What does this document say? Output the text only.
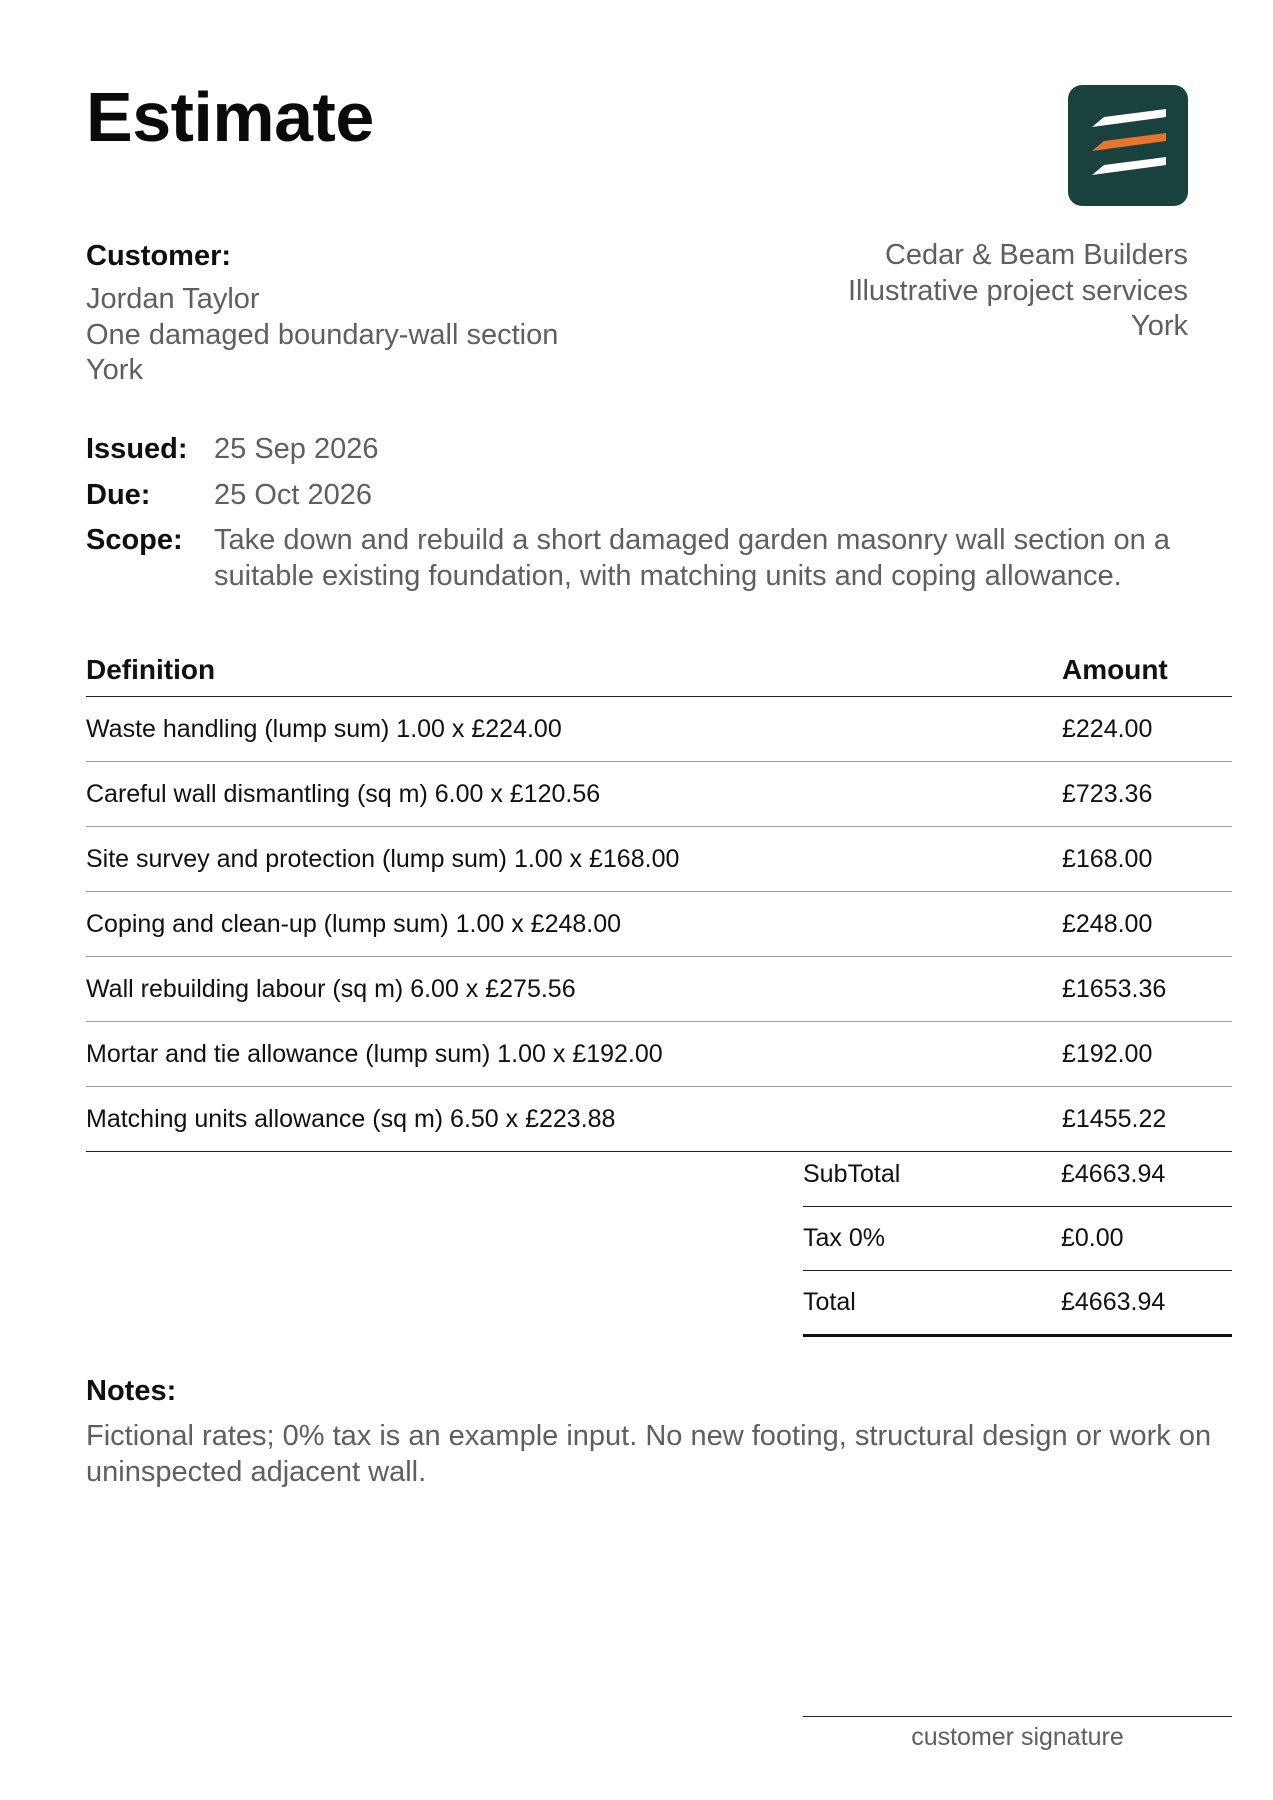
Estimate
Customer:
Jordan Taylor
One damaged boundary-wall section
York
Cedar & Beam Builders
Illustrative project services
York
Issued: 25 Sep 2026
Due:	25 Oct 2026
Scope:	Take down and rebuild a short damaged garden masonry wall section on a suitable existing foundation, with matching units and coping allowance.
Definition	Amount
Waste handling (lump sum) 1.00 x £224.00	£224.00
Careful wall dismantling (sq m) 6.00 x £120.56	£723.36
Site survey and protection (lump sum) 1.00 x £168.00	£168.00
Coping and clean-up (lump sum) 1.00 x £248.00	£248.00
Wall rebuilding labour (sq m) 6.00 x £275.56	£1653.36
Mortar and tie allowance (lump sum) 1.00 x £192.00	£192.00
Matching units allowance (sq m) 6.50 x £223.88	£1455.22
SubTotal	£4663.94
Tax 0%	£0.00
Total	£4663.94
Notes:
Fictional rates; 0% tax is an example input. No new footing, structural design or work on uninspected adjacent wall.
customer signature
